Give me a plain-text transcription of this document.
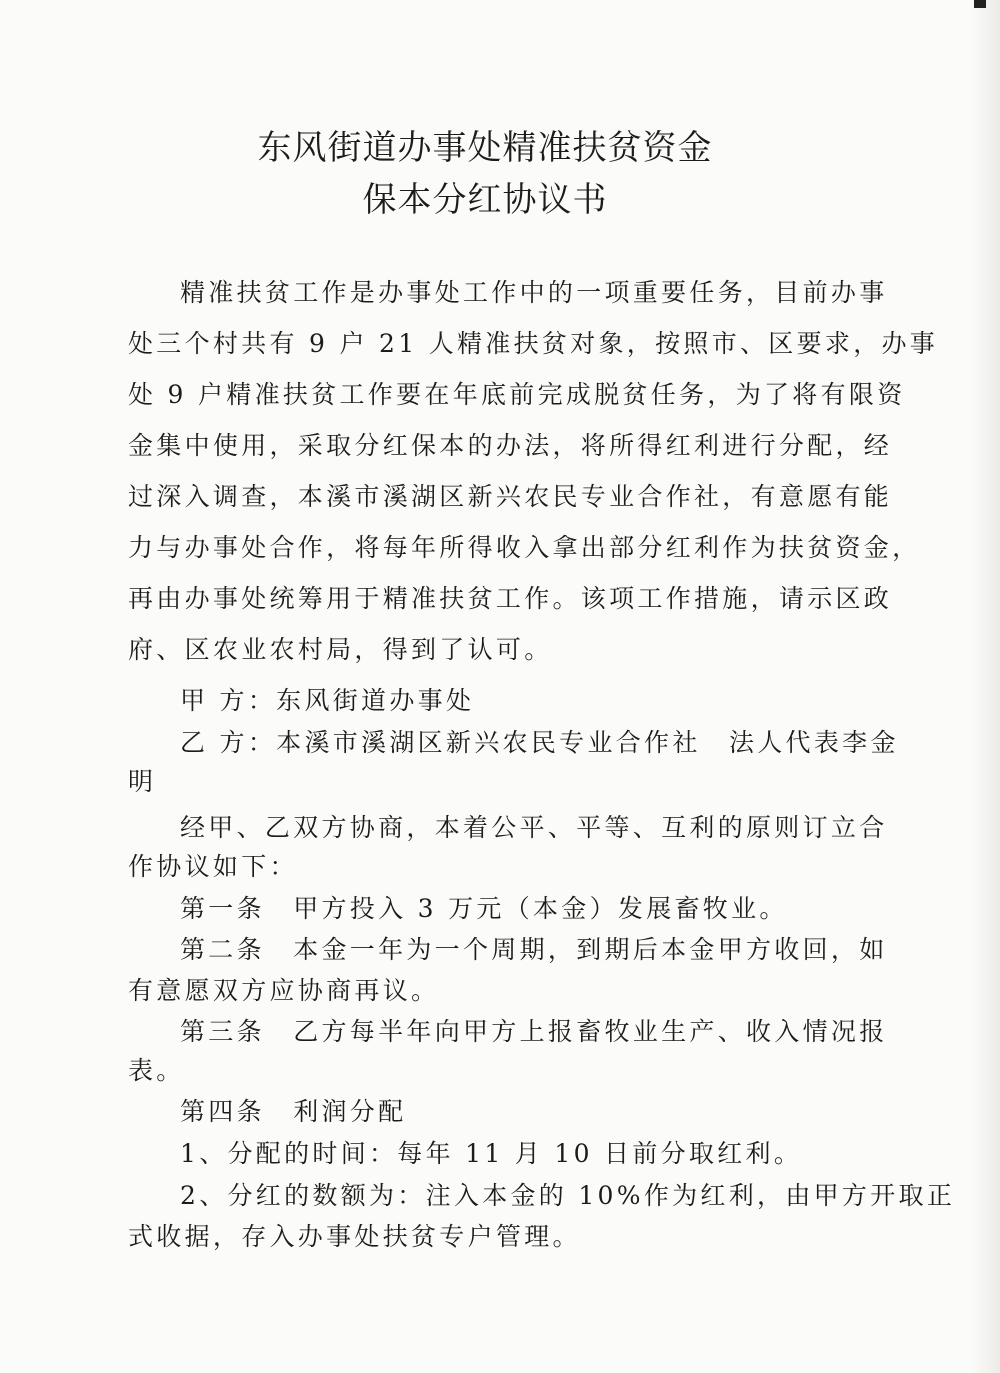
东风街道办事处精准扶贫资金
保本分红协议书
精准扶贫工作是办事处工作中的一项重要任务，目前办事
处三个村共有 9 户 21 人精准扶贫对象，按照市、区要求，办事
处 9 户精准扶贫工作要在年底前完成脱贫任务，为了将有限资
金集中使用，采取分红保本的办法，将所得红利进行分配，经
过深入调查，本溪市溪湖区新兴农民专业合作社，有意愿有能
力与办事处合作，将每年所得收入拿出部分红利作为扶贫资金，
再由办事处统筹用于精准扶贫工作。该项工作措施，请示区政
府、区农业农村局，得到了认可。
甲 方：东风街道办事处
乙 方：本溪市溪湖区新兴农民专业合作社　法人代表李金
明
经甲、乙双方协商，本着公平、平等、互利的原则订立合
作协议如下：
第一条　甲方投入 3 万元（本金）发展畜牧业。
第二条　本金一年为一个周期，到期后本金甲方收回，如
有意愿双方应协商再议。
第三条　乙方每半年向甲方上报畜牧业生产、收入情况报
表。
第四条　利润分配
1、分配的时间：每年 11 月 10 日前分取红利。
2、分红的数额为：注入本金的 10%作为红利，由甲方开取正
式收据，存入办事处扶贫专户管理。
